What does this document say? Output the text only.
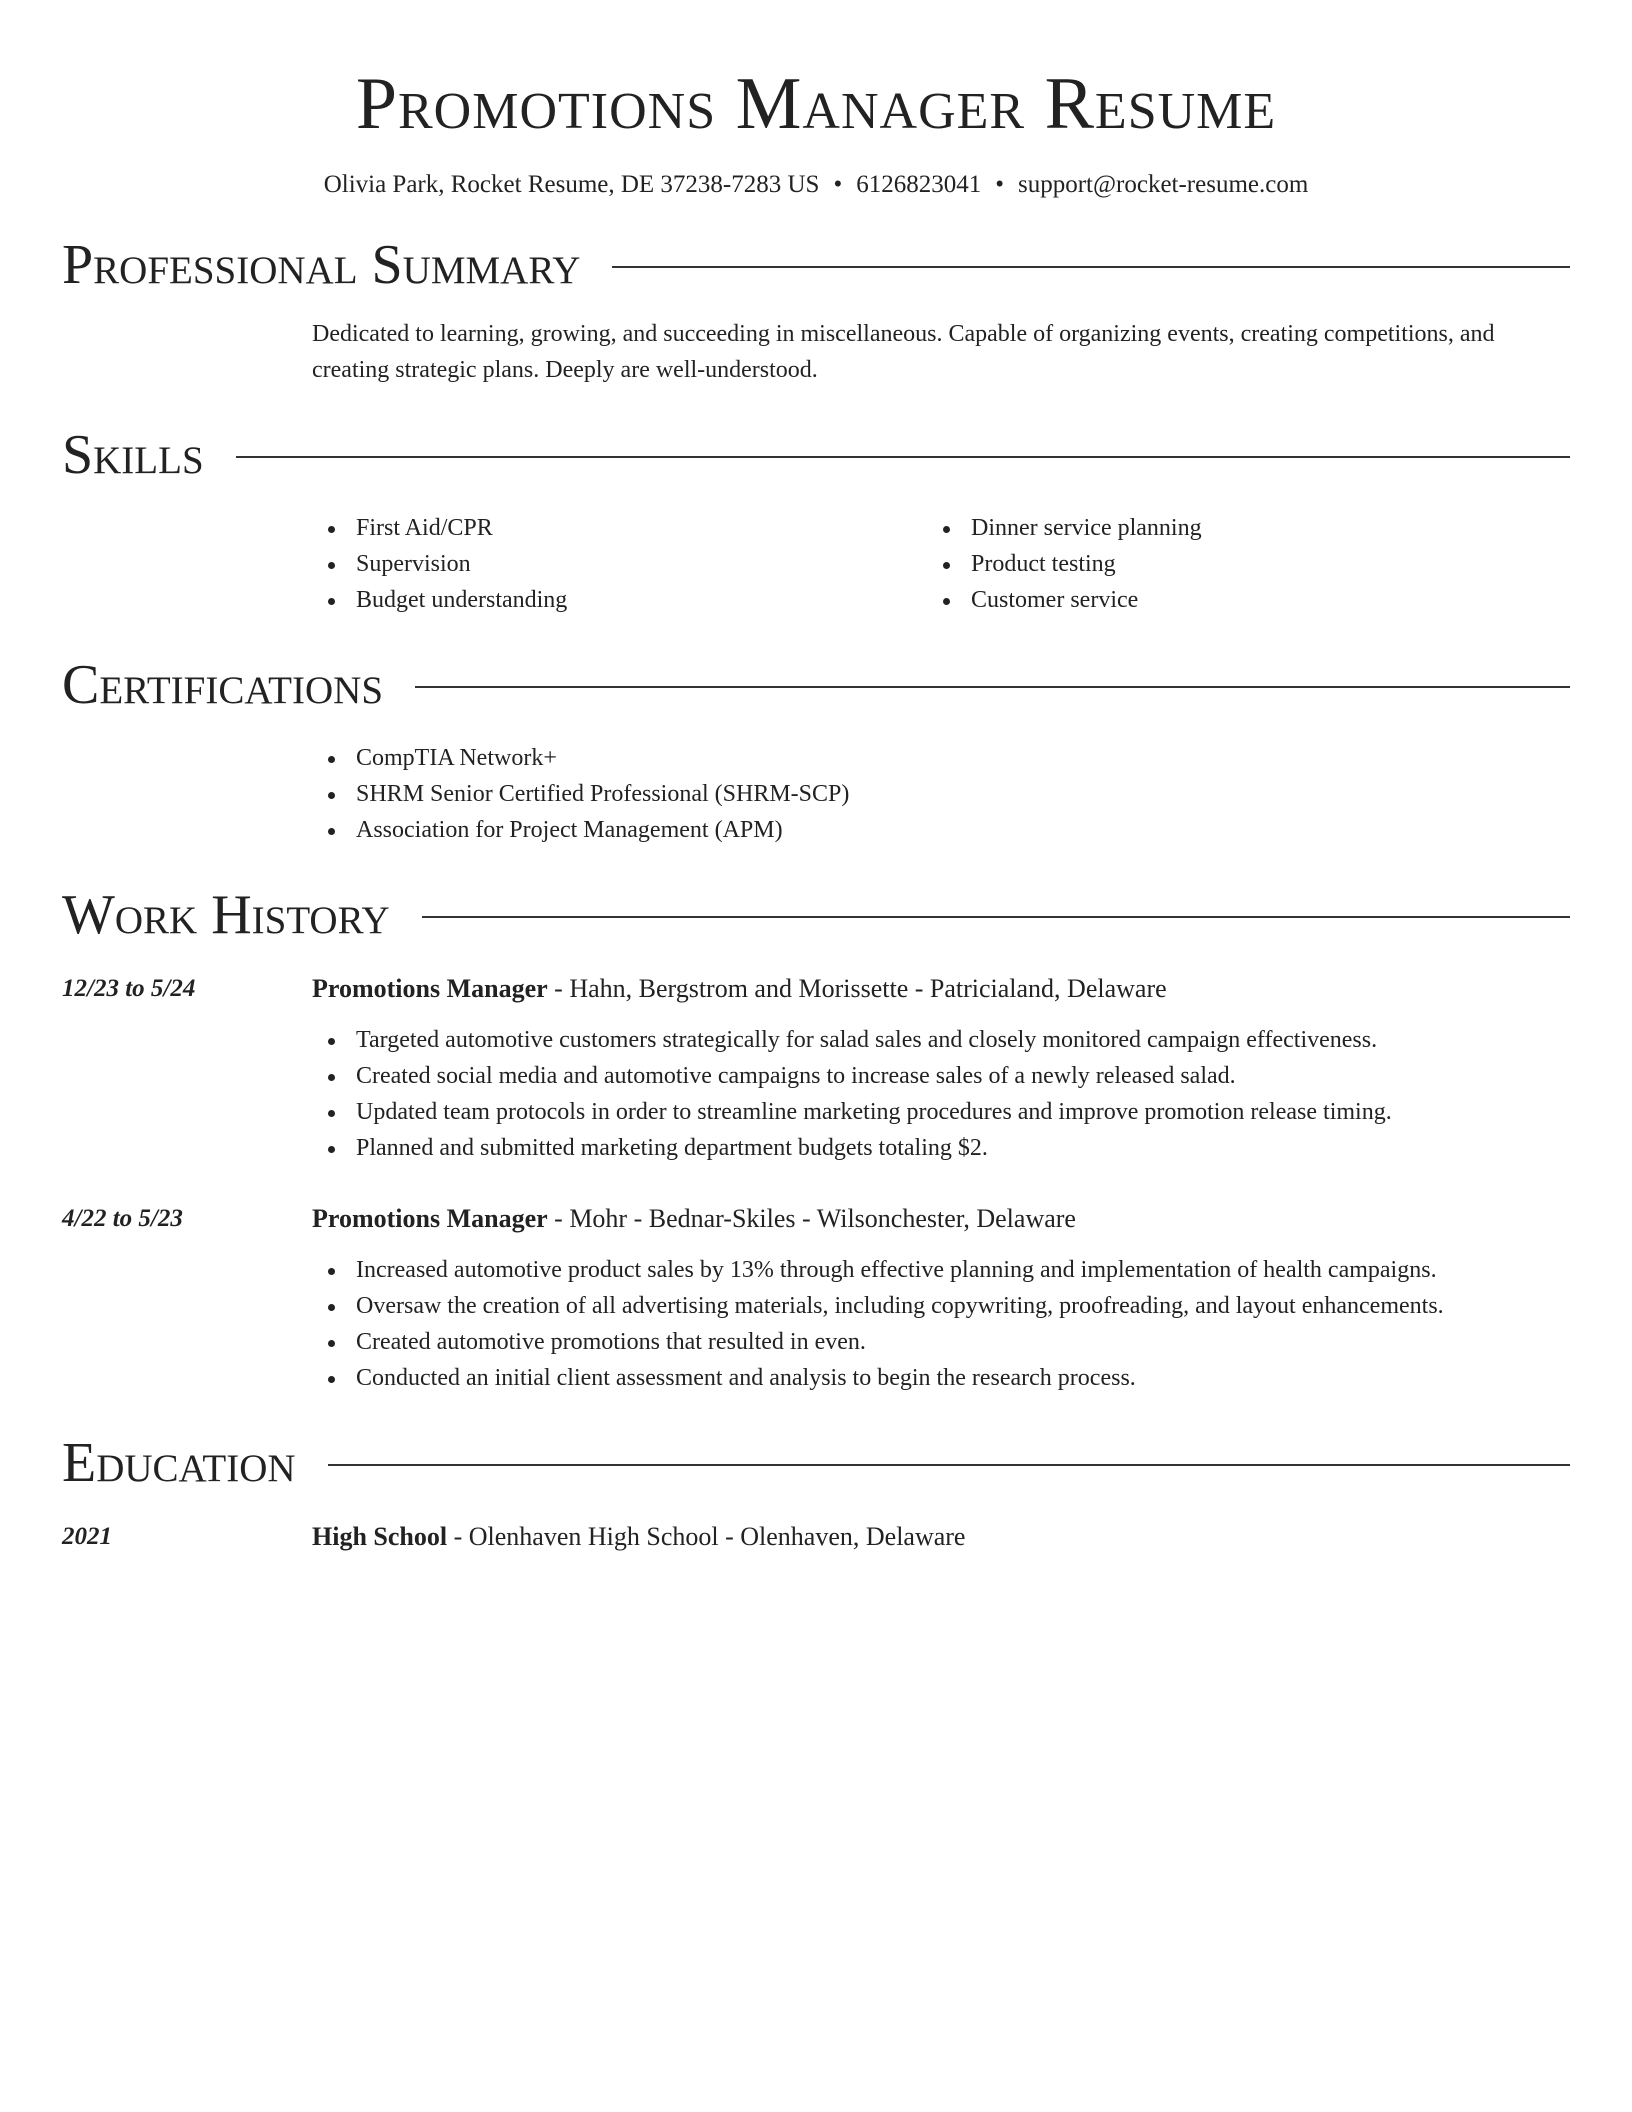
Promotions Manager Resume
Olivia Park, Rocket Resume, DE 37238-7283 US • 6126823041 • support@rocket-resume.com
Professional Summary
Dedicated to learning, growing, and succeeding in miscellaneous. Capable of organizing events, creating competitions, and creating strategic plans. Deeply are well-understood.
Skills
First Aid/CPR
Supervision
Budget understanding
Dinner service planning
Product testing
Customer service
Certifications
CompTIA Network+
SHRM Senior Certified Professional (SHRM-SCP)
Association for Project Management (APM)
Work History
12/23 to 5/24	Promotions Manager - Hahn, Bergstrom and Morissette - Patricialand, Delaware
Targeted automotive customers strategically for salad sales and closely monitored campaign effectiveness.
Created social media and automotive campaigns to increase sales of a newly released salad.
Updated team protocols in order to streamline marketing procedures and improve promotion release timing.
Planned and submitted marketing department budgets totaling $2.
4/22 to 5/23	Promotions Manager - Mohr - Bednar-Skiles - Wilsonchester, Delaware
Increased automotive product sales by 13% through effective planning and implementation of health campaigns.
Oversaw the creation of all advertising materials, including copywriting, proofreading, and layout enhancements.
Created automotive promotions that resulted in even.
Conducted an initial client assessment and analysis to begin the research process.
Education
2021	High School - Olenhaven High School - Olenhaven, Delaware
